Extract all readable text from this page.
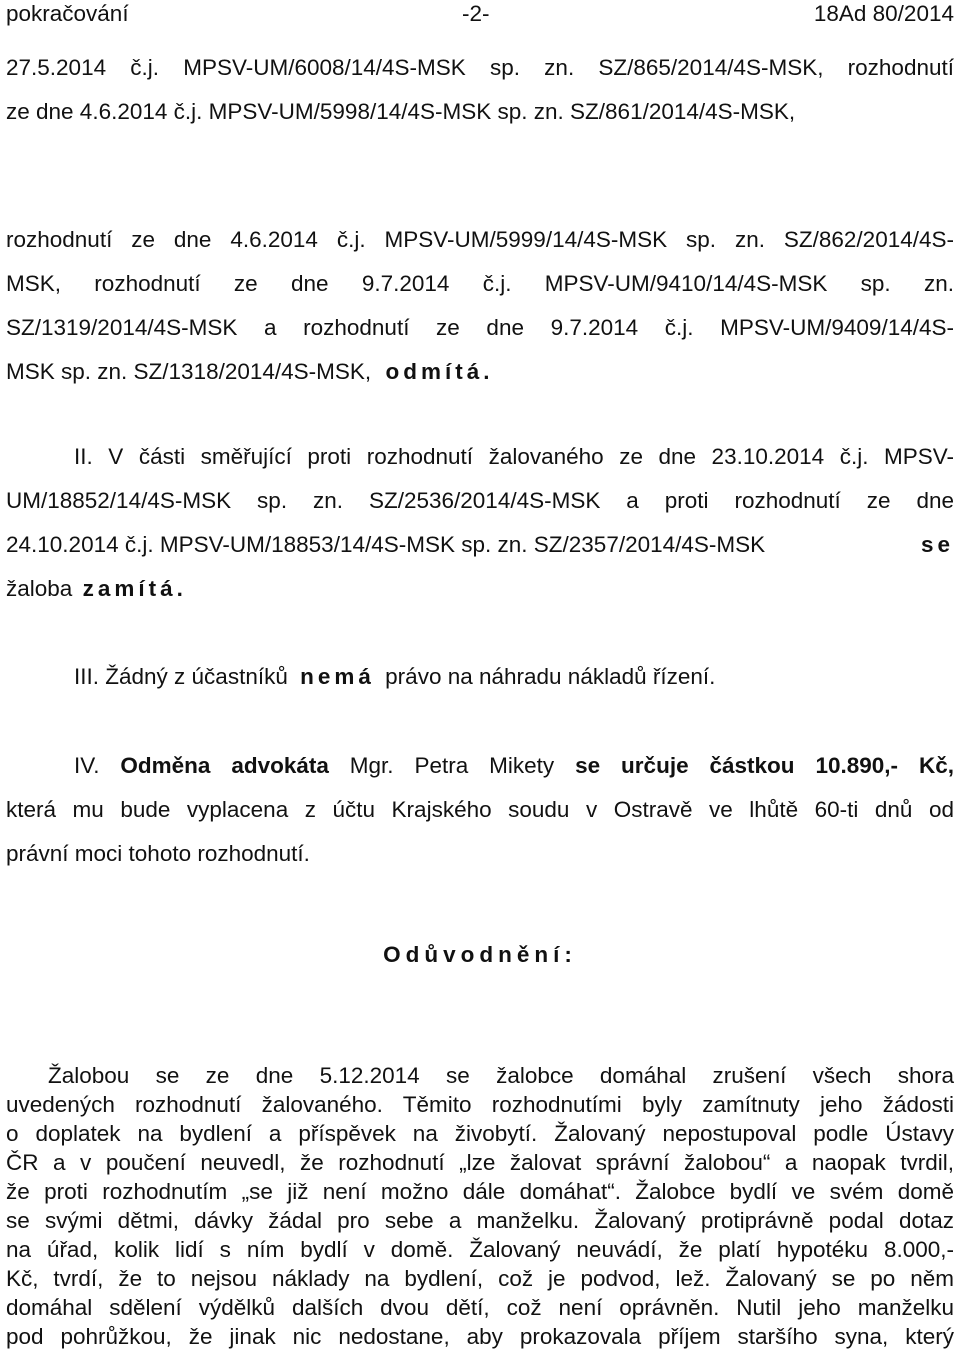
pokračování	-2-	18Ad 80/2014
27.5.2014 č.j. MPSV-UM/6008/14/4S-MSK sp. zn. SZ/865/2014/4S-MSK, rozhodnutí
ze dne 4.6.2014 č.j. MPSV-UM/5998/14/4S-MSK sp. zn. SZ/861/2014/4S-MSK,
rozhodnutí ze dne 4.6.2014 č.j. MPSV-UM/5999/14/4S-MSK sp. zn. SZ/862/2014/4S-
MSK, rozhodnutí ze dne 9.7.2014 č.j. MPSV-UM/9410/14/4S-MSK sp. zn.
SZ/1319/2014/4S-MSK a rozhodnutí ze dne 9.7.2014 č.j. MPSV-UM/9409/14/4S-
MSK sp. zn. SZ/1318/2014/4S-MSK, odmítá.
II. V části směřující proti rozhodnutí žalovaného ze dne 23.10.2014 č.j. MPSV-
UM/18852/14/4S-MSK sp. zn. SZ/2536/2014/4S-MSK a proti rozhodnutí ze dne
24.10.2014 č.j. MPSV-UM/18853/14/4S-MSK sp. zn. SZ/2357/2014/4S-MSK	se
žaloba zamítá.
III. Žádný z účastníků nemá právo na náhradu nákladů řízení.
IV. Odměna advokáta Mgr. Petra Mikety se určuje částkou 10.890,- Kč,
která mu bude vyplacena z účtu Krajského soudu v Ostravě ve lhůtě 60-ti dnů od
právní moci tohoto rozhodnutí.
Odůvodnění:
Žalobou se ze dne 5.12.2014 se žalobce domáhal zrušení všech shora
uvedených rozhodnutí žalovaného. Těmito rozhodnutími byly zamítnuty jeho žádosti
o doplatek na bydlení a příspěvek na živobytí. Žalovaný nepostupoval podle Ústavy
ČR a v poučení neuvedl, že rozhodnutí „lze žalovat správní žalobou“ a naopak tvrdil,
že proti rozhodnutím „se již není možno dále domáhat“. Žalobce bydlí ve svém domě
se svými dětmi, dávky žádal pro sebe a manželku. Žalovaný protiprávně podal dotaz
na úřad, kolik lidí s ním bydlí v domě. Žalovaný neuvádí, že platí hypotéku 8.000,-
Kč, tvrdí, že to nejsou náklady na bydlení, což je podvod, lež. Žalovaný se po něm
domáhal sdělení výdělků dalších dvou dětí, což není oprávněn. Nutil jeho manželku
pod pohrůžkou, že jinak nic nedostane, aby prokazovala příjem staršího syna, který
